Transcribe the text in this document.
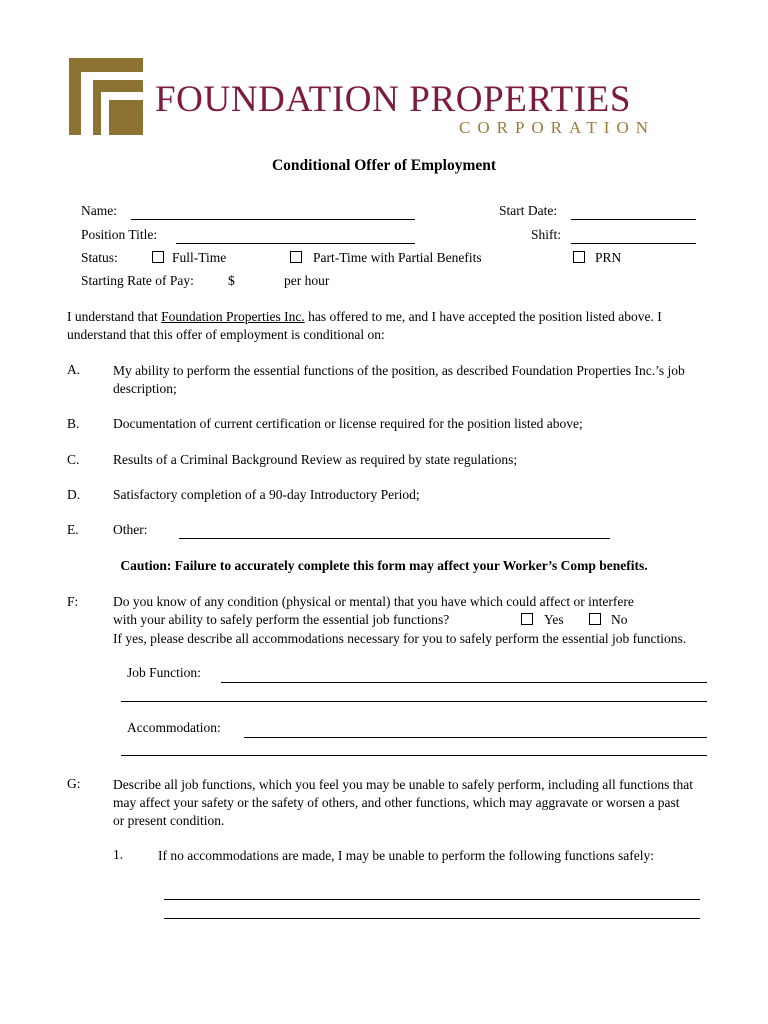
FOUNDATION PROPERTIES
CORPORATION
Conditional Offer of Employment
Name:	Start Date:
Position Title:	Shift:
Status:	Full-Time	Part-Time with Partial Benefits	PRN
Starting Rate of Pay:	$	per hour
I understand that Foundation Properties Inc. has offered to me, and I have accepted the position listed above. I understand that this offer of employment is conditional on:
A. My ability to perform the essential functions of the position, as described Foundation Properties Inc.’s job description;
B. Documentation of current certification or license required for the position listed above;
C. Results of a Criminal Background Review as required by state regulations;
D. Satisfactory completion of a 90-day Introductory Period;
E.	Other:
Caution: Failure to accurately complete this form may affect your Worker’s Comp benefits.
F:	Do you know of any condition (physical or mental) that you have which could affect or interfere
with your ability to safely perform the essential job functions?	Yes	No
If yes, please describe all accommodations necessary for you to safely perform the essential job functions.
Job Function:
Accommodation:
G: Describe all job functions, which you feel you may be unable to safely perform, including all functions that may affect your safety or the safety of others, and other functions, which may aggravate or worsen a past or present condition.
1.	If no accommodations are made, I may be unable to perform the following functions safely:
